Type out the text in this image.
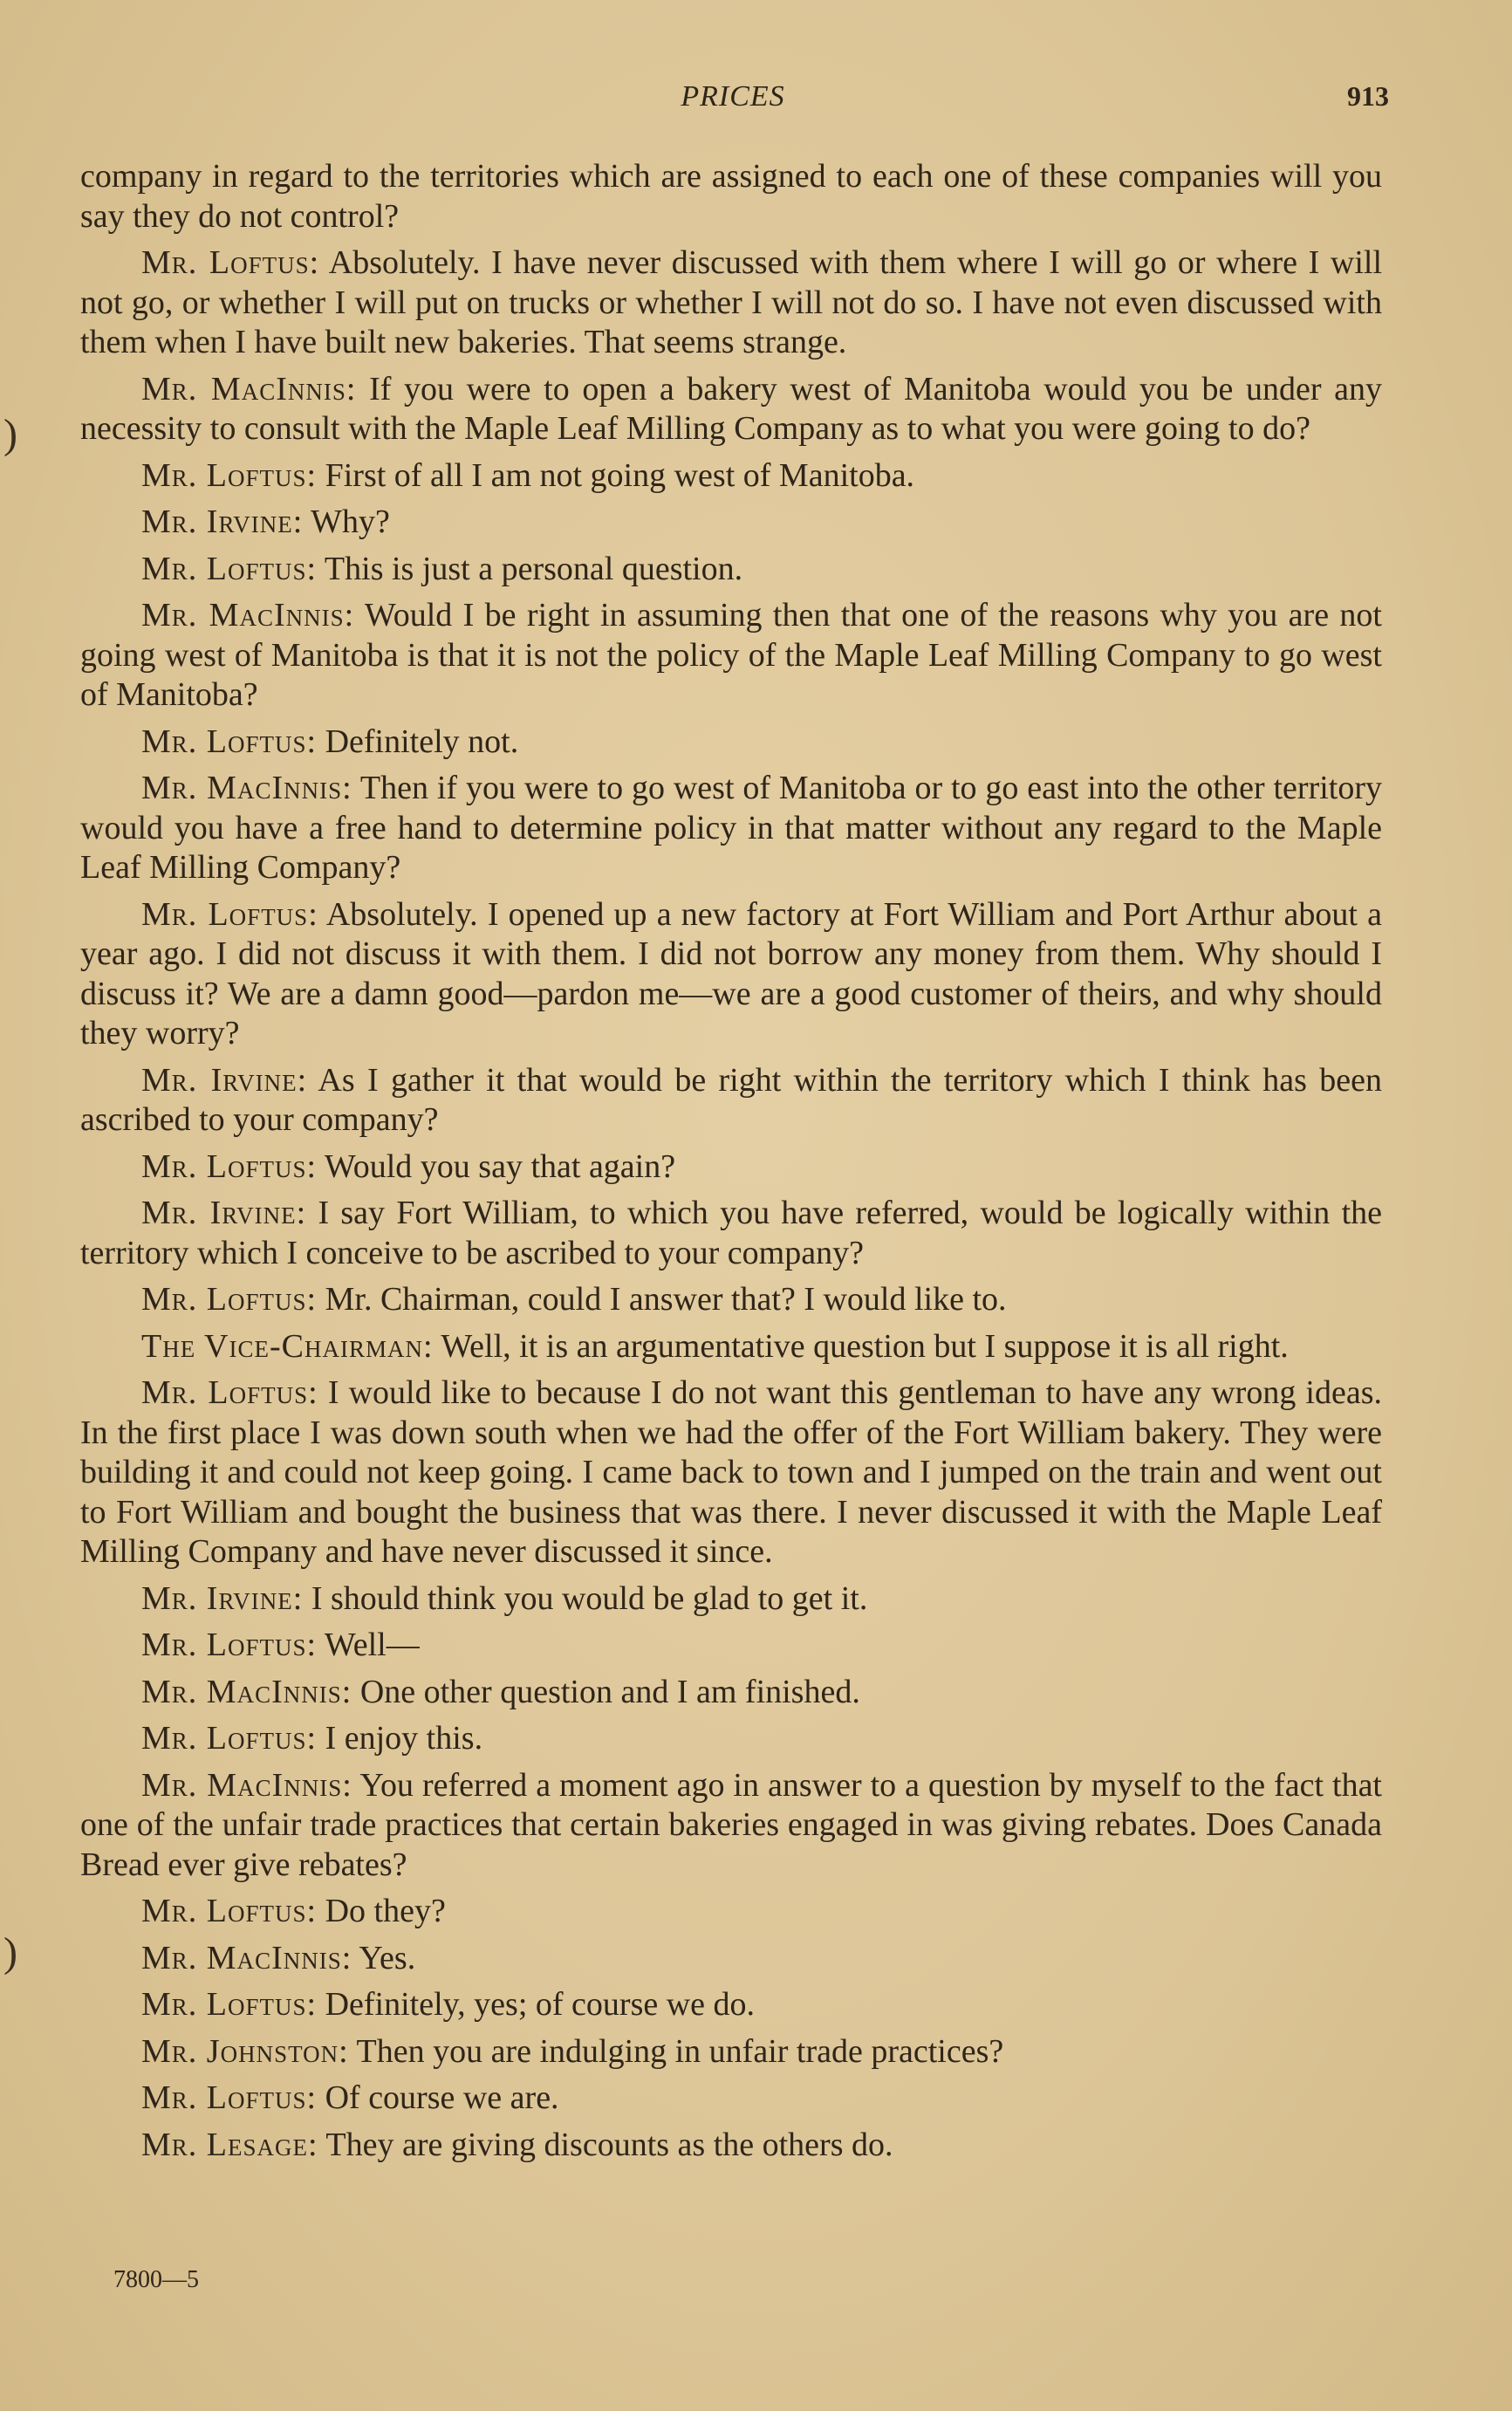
PRICES	913
)
)

company in regard to the territories which are assigned to each one of these companies will you say they do not control?

Mr. Loftus: Absolutely. I have never discussed with them where I will go or where I will not go, or whether I will put on trucks or whether I will not do so. I have not even discussed with them when I have built new bakeries. That seems strange.

Mr. MacInnis: If you were to open a bakery west of Manitoba would you be under any necessity to consult with the Maple Leaf Milling Company as to what you were going to do?

Mr. Loftus: First of all I am not going west of Manitoba.

Mr. Irvine: Why?

Mr. Loftus: This is just a personal question.

Mr. MacInnis: Would I be right in assuming then that one of the reasons why you are not going west of Manitoba is that it is not the policy of the Maple Leaf Milling Company to go west of Manitoba?

Mr. Loftus: Definitely not.

Mr. MacInnis: Then if you were to go west of Manitoba or to go east into the other territory would you have a free hand to determine policy in that matter without any regard to the Maple Leaf Milling Company?

Mr. Loftus: Absolutely. I opened up a new factory at Fort William and Port Arthur about a year ago. I did not discuss it with them. I did not borrow any money from them. Why should I discuss it? We are a damn good—pardon me—we are a good customer of theirs, and why should they worry?

Mr. Irvine: As I gather it that would be right within the territory which I think has been ascribed to your company?

Mr. Loftus: Would you say that again?

Mr. Irvine: I say Fort William, to which you have referred, would be logically within the territory which I conceive to be ascribed to your company?

Mr. Loftus: Mr. Chairman, could I answer that? I would like to.

The Vice-Chairman: Well, it is an argumentative question but I suppose it is all right.

Mr. Loftus: I would like to because I do not want this gentleman to have any wrong ideas. In the first place I was down south when we had the offer of the Fort William bakery. They were building it and could not keep going. I came back to town and I jumped on the train and went out to Fort William and bought the business that was there. I never discussed it with the Maple Leaf Milling Company and have never discussed it since.

Mr. Irvine: I should think you would be glad to get it.

Mr. Loftus: Well—

Mr. MacInnis: One other question and I am finished.

Mr. Loftus: I enjoy this.

Mr. MacInnis: You referred a moment ago in answer to a question by myself to the fact that one of the unfair trade practices that certain bakeries engaged in was giving rebates. Does Canada Bread ever give rebates?

Mr. Loftus: Do they?

Mr. MacInnis: Yes.

Mr. Loftus: Definitely, yes; of course we do.

Mr. Johnston: Then you are indulging in unfair trade practices?

Mr. Loftus: Of course we are.

Mr. Lesage: They are giving discounts as the others do.

7800—5
